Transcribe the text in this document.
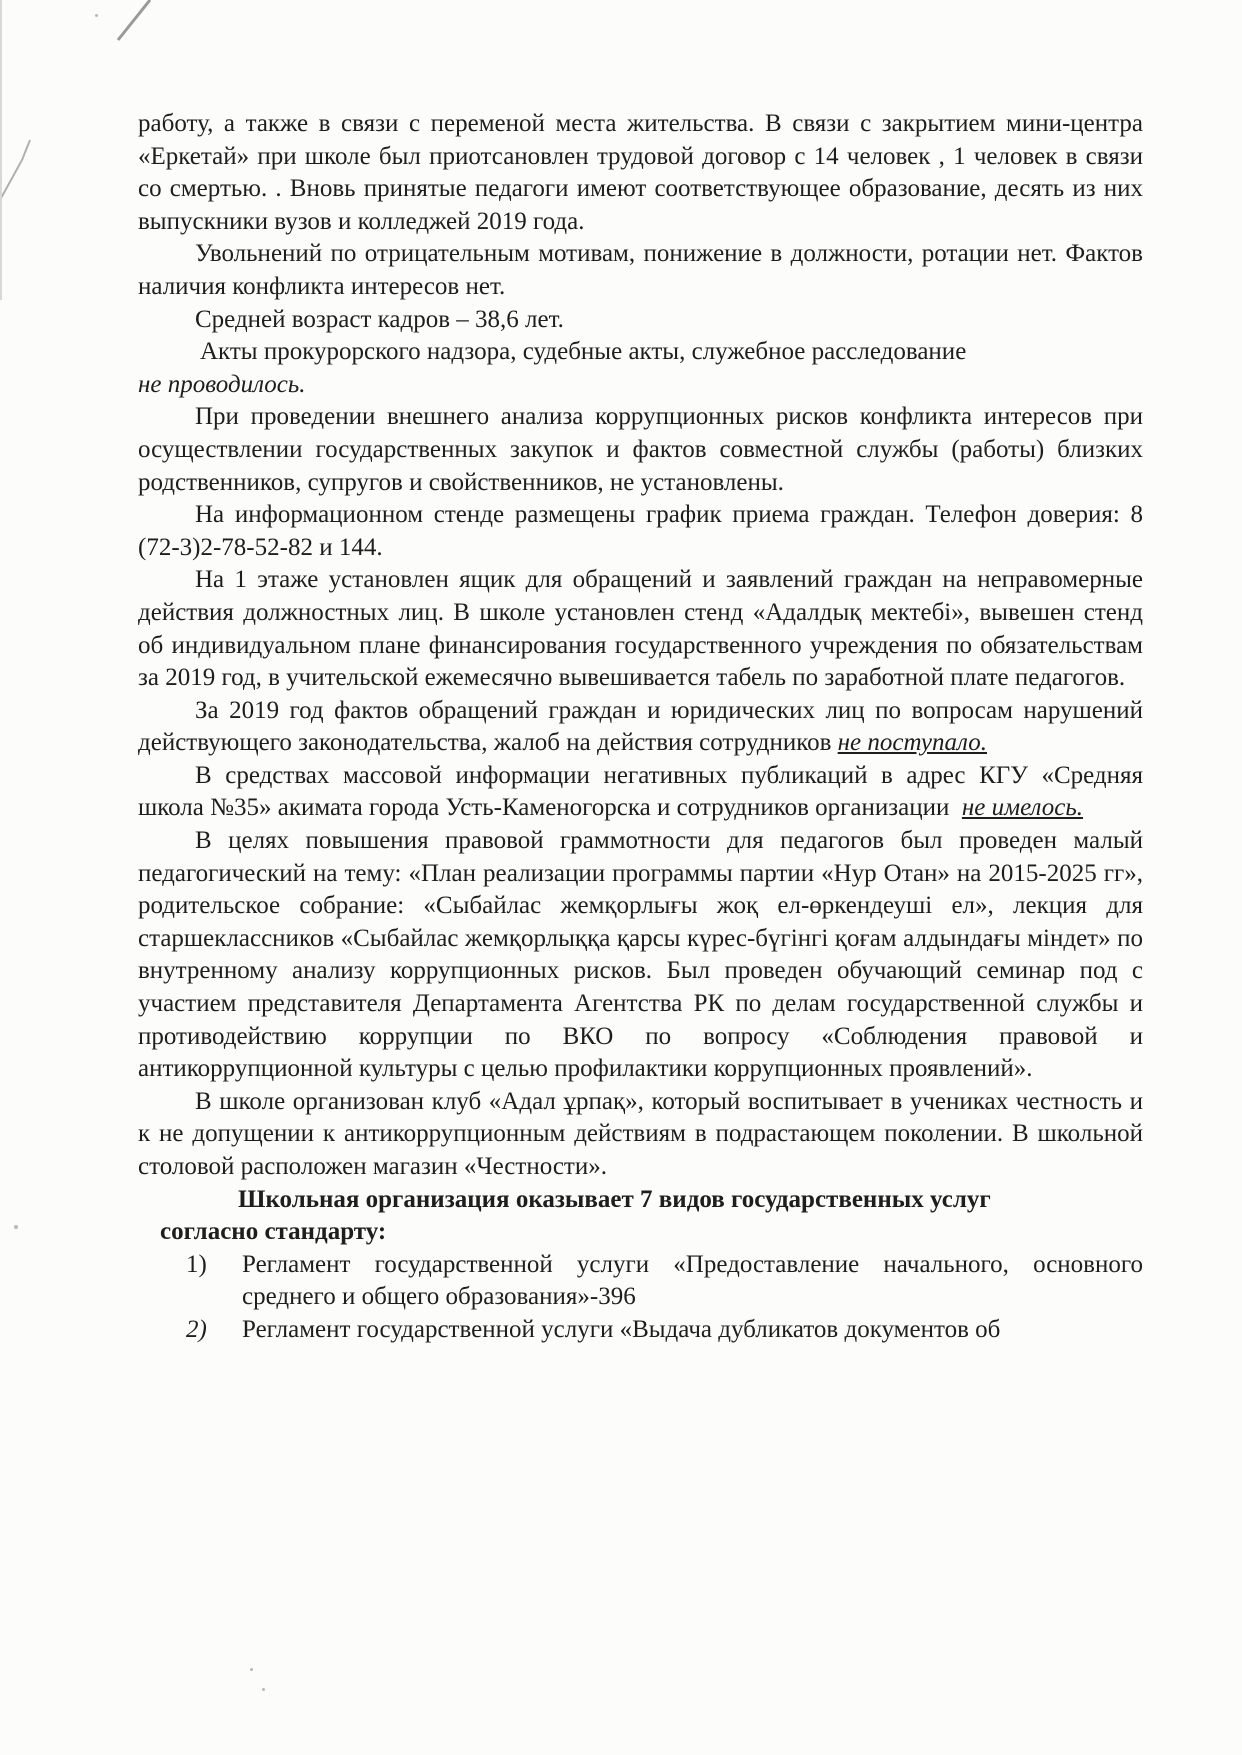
работу, а также в связи с переменой места жительства. В связи с закрытием мини-центра «Еркетай» при школе был приотсановлен трудовой договор с 14 человек , 1 человек в связи со смертью. . Вновь принятые педагоги имеют соответствующее образование, десять из них выпускники вузов и колледжей 2019 года.

Увольнений по отрицательным мотивам, понижение в должности, ротации нет. Фактов наличия конфликта интересов нет.

Средней возраст кадров – 38,6 лет.

Акты прокурорского надзора, судебные акты, служебное расследование
не проводилось.

При проведении внешнего анализа коррупционных рисков конфликта интересов при осуществлении государственных закупок и фактов совместной службы (работы) близких родственников, супругов и свойственников, не установлены.

На информационном стенде размещены график приема граждан. Телефон доверия: 8 (72-3)2-78-52-82 и 144.

На 1 этаже установлен ящик для обращений и заявлений граждан на неправомерные действия должностных лиц. В школе установлен стенд «Адалдық мектебі», вывешен стенд об индивидуальном плане финансирования государственного учреждения по обязательствам за 2019 год, в учительской ежемесячно вывешивается табель по заработной плате педагогов.

За 2019 год фактов обращений граждан и юридических лиц по вопросам нарушений действующего законодательства, жалоб на действия сотрудников не поступало.

В средствах массовой информации негативных публикаций в адрес КГУ «Средняя школа №35» акимата города Усть-Каменогорска и сотрудников организации не имелось.

В целях повышения правовой граммотности для педагогов был проведен малый педагогический на тему: «План реализации программы партии «Нур Отан» на 2015-2025 гг», родительское собрание: «Сыбайлас жемқорлығы жоқ ел-өркендеуші ел», лекция для старшеклассников «Сыбайлас жемқорлыққа қарсы күрес-бүгінгі қоғам алдындағы міндет» по внутренному анализу коррупционных рисков. Был проведен обучающий семинар под с участием представителя Департамента Агентства РК по делам государственной службы и противодействию коррупции по ВКО по вопросу «Соблюдения правовой и антикоррупционной культуры с целью профилактики коррупционных проявлений».

В школе организован клуб «Адал ұрпақ», который воспитывает в учениках честность и к не допущении к антикоррупционным действиям в подрастающем поколении. В школьной столовой расположен магазин «Честности».

Школьная организация оказывает 7 видов государственных услуг
согласно стандарту:

1) Регламент государственной услуги «Предоставление начального, основного среднего и общего образования»-396
2) Регламент государственной услуги «Выдача дубликатов документов об
